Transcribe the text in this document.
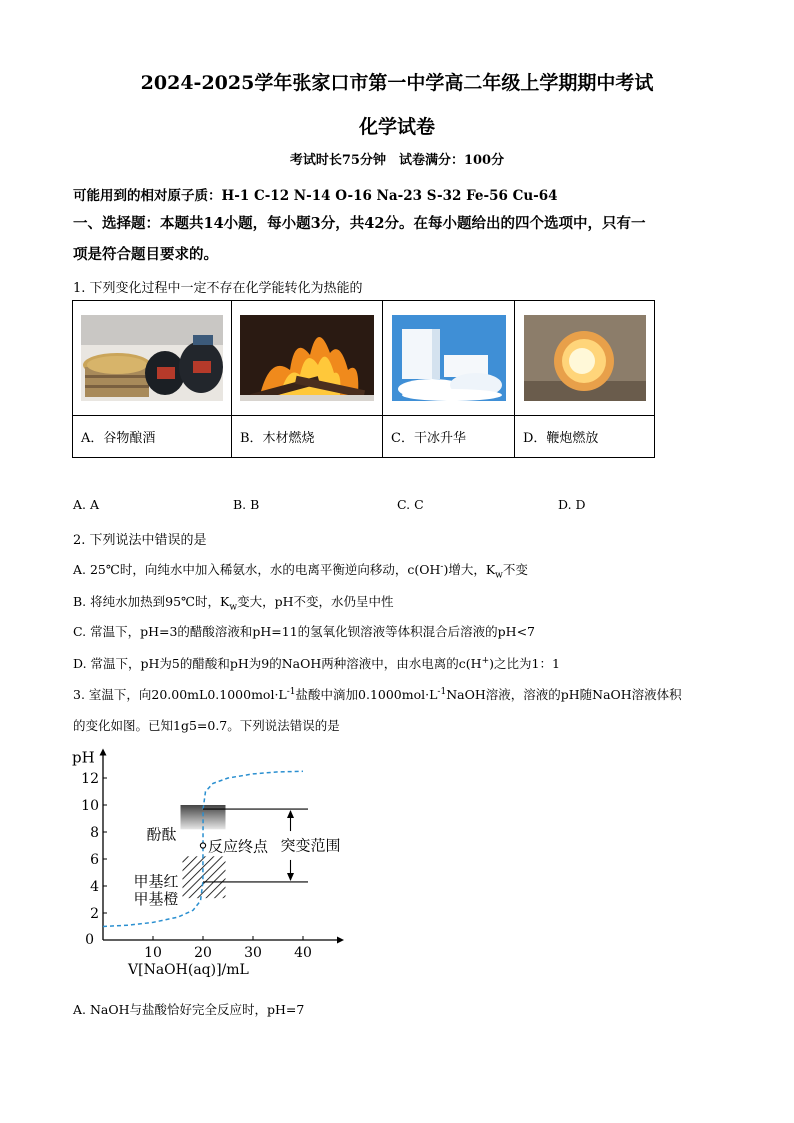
2024-2025学年张家口市第一中学高二年级上学期期中考试
化学试卷
考试时长75分钟　试卷满分：100分
可能用到的相对原子质：H-1 C-12 N-14 O-16 Na-23 S-32 Fe-56 Cu-64
一、选择题：本题共14小题，每小题3分，共42分。在每小题给出的四个选项中，只有一
项是符合题目要求的。
1. 下列变化过程中一定不存在化学能转化为热能的

A．谷物酿酒	B．木材燃烧	C．干冰升华	D．鞭炮燃放
A. A	B. B	C. C	D. D
2. 下列说法中错误的是
A. 25℃时，向纯水中加入稀氨水，水的电离平衡逆向移动，c(OH-)增大，$K_w$不变
B. 将纯水加热到95℃时，$K_w$变大，pH不变，水仍呈中性
C. 常温下，pH=3的醋酸溶液和pH=11的氢氧化钡溶液等体积混合后溶液的pH<7
D. 常温下，pH为5的醋酸和pH为9的NaOH两种溶液中，由水电离的c(H+)之比为1：1
3. 室温下，向$20.00mL0.1000mol\cdot L^{-1}$盐酸中滴加$0.1000mol\cdot L^{-1}NaOH$溶液，溶液的pH随NaOH溶液体积
的变化如图。已知1g5=0.7。下列说法错误的是
10 20 30 40
0
2
4
6
8
10
12
pH
V[NaOH(aq)]/mL
酚酞
甲基红
甲基橙
突变范围
反应终点
A. NaOH与盐酸恰好完全反应时，pH=7
